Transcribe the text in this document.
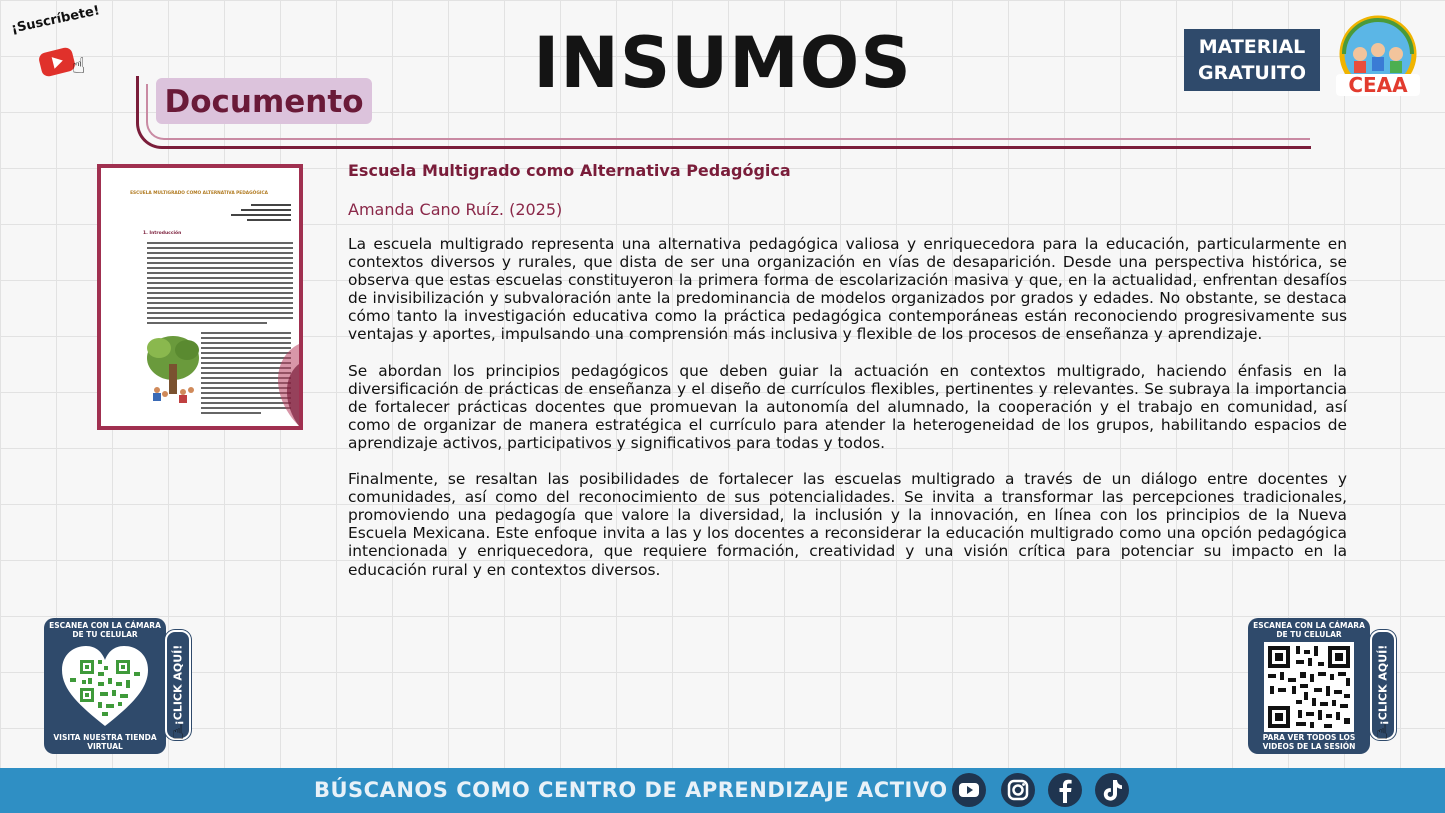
¡Suscríbete!
☝	INSUMOS
Documento
MATERIAL
GRATUITO	CEAA
ESCUELA MULTIGRADO COMO ALTERNATIVA PEDAGÓGICA
1. Introducción
Escuela Multigrado como Alternativa Pedagógica
Amanda Cano Ruíz. (2025)

La escuela multigrado representa una alternativa pedagógica valiosa y enriquecedora para la educación, particularmente en contextos diversos y rurales, que dista de ser una organización en vías de desaparición. Desde una perspectiva histórica, se observa que estas escuelas constituyeron la primera forma de escolarización masiva y que, en la actualidad, enfrentan desafíos de invisibilización y subvaloración ante la predominancia de modelos organizados por grados y edades. No obstante, se destaca cómo tanto la investigación educativa como la práctica pedagógica contemporáneas están reconociendo progresivamente sus ventajas y aportes, impulsando una comprensión más inclusiva y flexible de los procesos de enseñanza y aprendizaje.

Se abordan los principios pedagógicos que deben guiar la actuación en contextos multigrado, haciendo énfasis en la diversificación de prácticas de enseñanza y el diseño de currículos flexibles, pertinentes y relevantes. Se subraya la importancia de fortalecer prácticas docentes que promuevan la autonomía del alumnado, la cooperación y el trabajo en comunidad, así como de organizar de manera estratégica el currículo para atender la heterogeneidad de los grupos, habilitando espacios de aprendizaje activos, participativos y significativos para todas y todos.

Finalmente, se resaltan las posibilidades de fortalecer las escuelas multigrado a través de un diálogo entre docentes y comunidades, así como del reconocimiento de sus potencialidades. Se invita a transformar las percepciones tradicionales, promoviendo una pedagogía que valore la diversidad, la inclusión y la innovación, en línea con los principios de la Nueva Escuela Mexicana. Este enfoque invita a las y los docentes a reconsiderar la educación multigrado como una opción pedagógica intencionada y enriquecedora, que requiere formación, creatividad y una visión crítica para potenciar su impacto en la educación rural y en contextos diversos.

ESCANEA CON LA CÁMARA DE TU CELULAR
VISITA NUESTRA TIENDA VIRTUAL
¡CLICK AQUÍ!
☝
ESCANEA CON LA CÁMARA DE TU CELULAR
PARA VER TODOS LOS VIDEOS DE LA SESIÓN
¡CLICK AQUÍ!
☝
BÚSCANOS COMO CENTRO DE APRENDIZAJE ACTIVO
